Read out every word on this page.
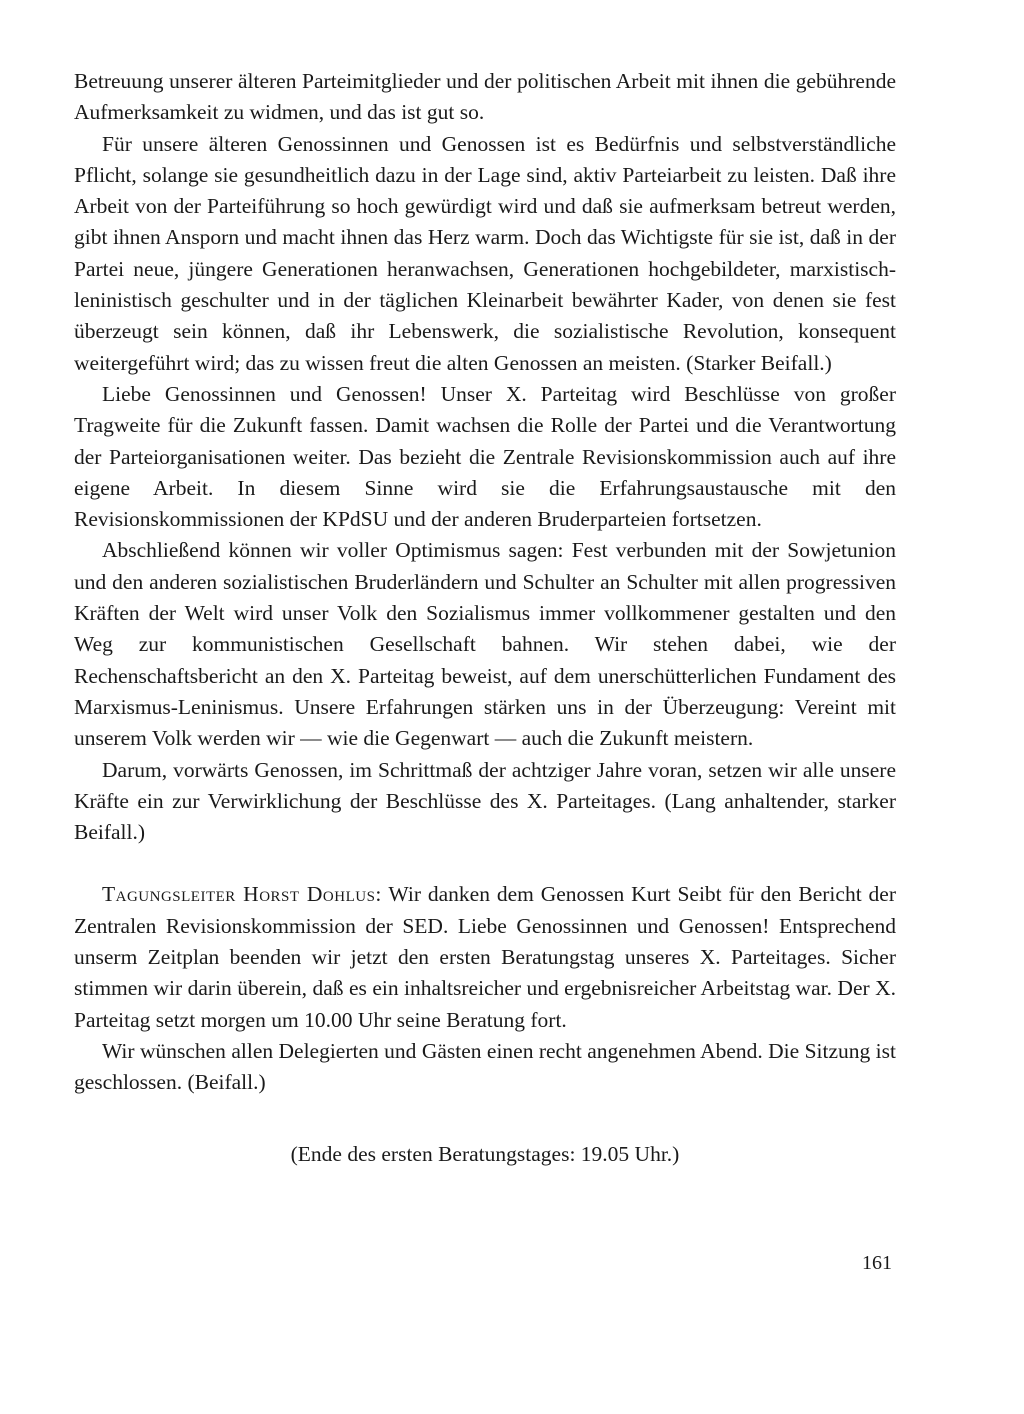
Betreuung unserer älteren Parteimitglieder und der politischen Arbeit mit ihnen die gebührende Aufmerksamkeit zu widmen, und das ist gut so.

Für unsere älteren Genossinnen und Genossen ist es Bedürfnis und selbstverständliche Pflicht, solange sie gesundheitlich dazu in der Lage sind, aktiv Parteiarbeit zu leisten. Daß ihre Arbeit von der Parteiführung so hoch gewürdigt wird und daß sie aufmerksam betreut werden, gibt ihnen Ansporn und macht ihnen das Herz warm. Doch das Wichtigste für sie ist, daß in der Partei neue, jüngere Generationen heranwachsen, Generationen hochgebildeter, marxistisch-leninistisch geschulter und in der täglichen Kleinarbeit bewährter Kader, von denen sie fest überzeugt sein können, daß ihr Lebenswerk, die sozialistische Revolution, konsequent weitergeführt wird; das zu wissen freut die alten Genossen an meisten. (Starker Beifall.)

Liebe Genossinnen und Genossen! Unser X. Parteitag wird Beschlüsse von großer Tragweite für die Zukunft fassen. Damit wachsen die Rolle der Partei und die Verantwortung der Parteiorganisationen weiter. Das bezieht die Zentrale Revisionskommission auch auf ihre eigene Arbeit. In diesem Sinne wird sie die Erfahrungsaustausche mit den Revisionskommissionen der KPdSU und der anderen Bruderparteien fortsetzen.

Abschließend können wir voller Optimismus sagen: Fest verbunden mit der Sowjetunion und den anderen sozialistischen Bruderländern und Schulter an Schulter mit allen progressiven Kräften der Welt wird unser Volk den Sozialismus immer vollkommener gestalten und den Weg zur kommunistischen Gesellschaft bahnen. Wir stehen dabei, wie der Rechenschaftsbericht an den X. Parteitag beweist, auf dem unerschütterlichen Fundament des Marxismus-Leninismus. Unsere Erfahrungen stärken uns in der Überzeugung: Vereint mit unserem Volk werden wir — wie die Gegenwart — auch die Zukunft meistern.

Darum, vorwärts Genossen, im Schrittmaß der achtziger Jahre voran, setzen wir alle unsere Kräfte ein zur Verwirklichung der Beschlüsse des X. Parteitages. (Lang anhaltender, starker Beifall.)

Tagungsleiter Horst Dohlus: Wir danken dem Genossen Kurt Seibt für den Bericht der Zentralen Revisionskommission der SED. Liebe Genossinnen und Genossen! Entsprechend unserm Zeitplan beenden wir jetzt den ersten Beratungstag unseres X. Parteitages. Sicher stimmen wir darin überein, daß es ein inhaltsreicher und ergebnisreicher Arbeitstag war. Der X. Parteitag setzt morgen um 10.00 Uhr seine Beratung fort.

Wir wünschen allen Delegierten und Gästen einen recht angenehmen Abend. Die Sitzung ist geschlossen. (Beifall.)

(Ende des ersten Beratungstages: 19.05 Uhr.)

161
